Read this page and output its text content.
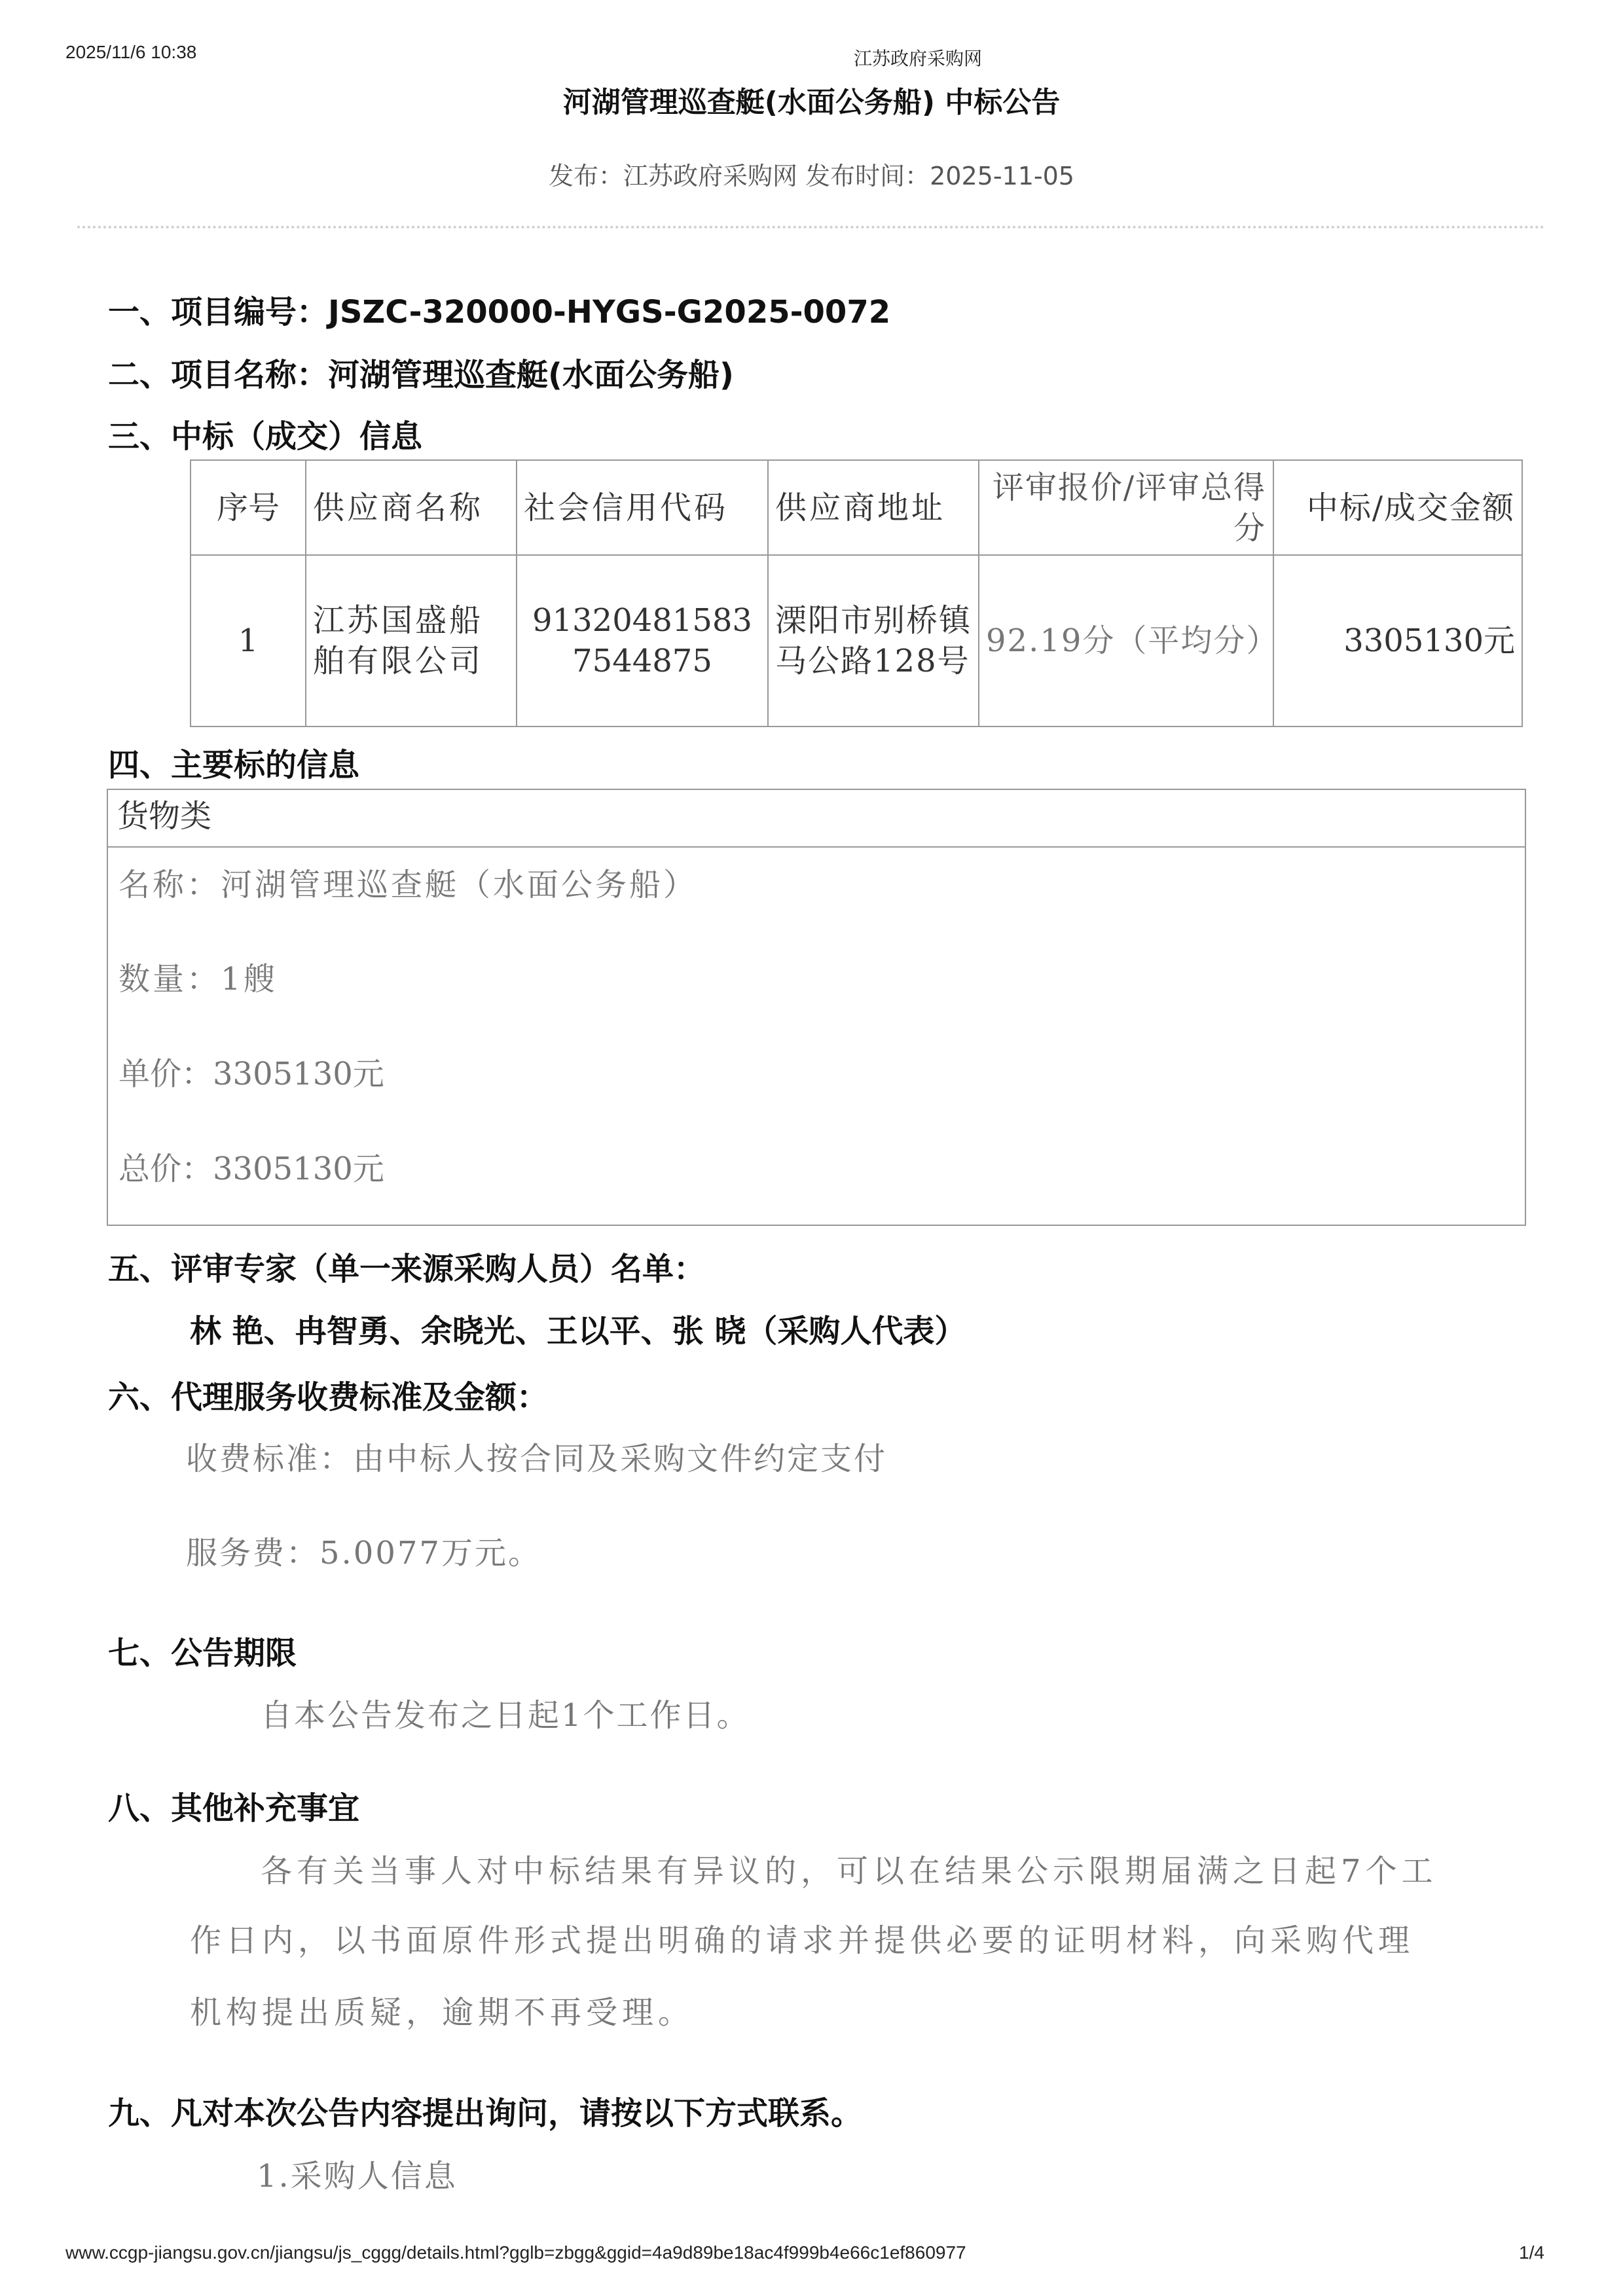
2025/11/6 10:38	江苏政府采购网
河湖管理巡查艇(水面公务船) 中标公告
发布：江苏政府采购网 发布时间：2025-11-05
一、项目编号：JSZC-320000-HYGS-G2025-0072
二、项目名称：河湖管理巡查艇(水面公务船)
三、中标（成交）信息
序号	供应商名称	社会信用代码	供应商地址	评审报价/评审总得分	中标/成交金额
1	江苏国盛船舶有限公司	913204815837544875	溧阳市别桥镇马公路128号	92.19分（平均分）	3305130元
四、主要标的信息
货物类
名称：河湖管理巡查艇（水面公务船）
数量：1艘
单价：3305130元
总价：3305130元
五、评审专家（单一来源采购人员）名单：
林 艳、冉智勇、余晓光、王以平、张 晓（采购人代表）
六、代理服务收费标准及金额：
收费标准：由中标人按合同及采购文件约定支付
服务费：5.0077万元。
七、公告期限
自本公告发布之日起1个工作日。
八、其他补充事宜
各有关当事人对中标结果有异议的，可以在结果公示限期届满之日起7个工
作日内，以书面原件形式提出明确的请求并提供必要的证明材料，向采购代理
机构提出质疑，逾期不再受理。
九、凡对本次公告内容提出询问，请按以下方式联系。
1.采购人信息
www.ccgp-jiangsu.gov.cn/jiangsu/js_cggg/details.html?gglb=zbgg&ggid=4a9d89be18ac4f999b4e66c1ef860977	1/4
